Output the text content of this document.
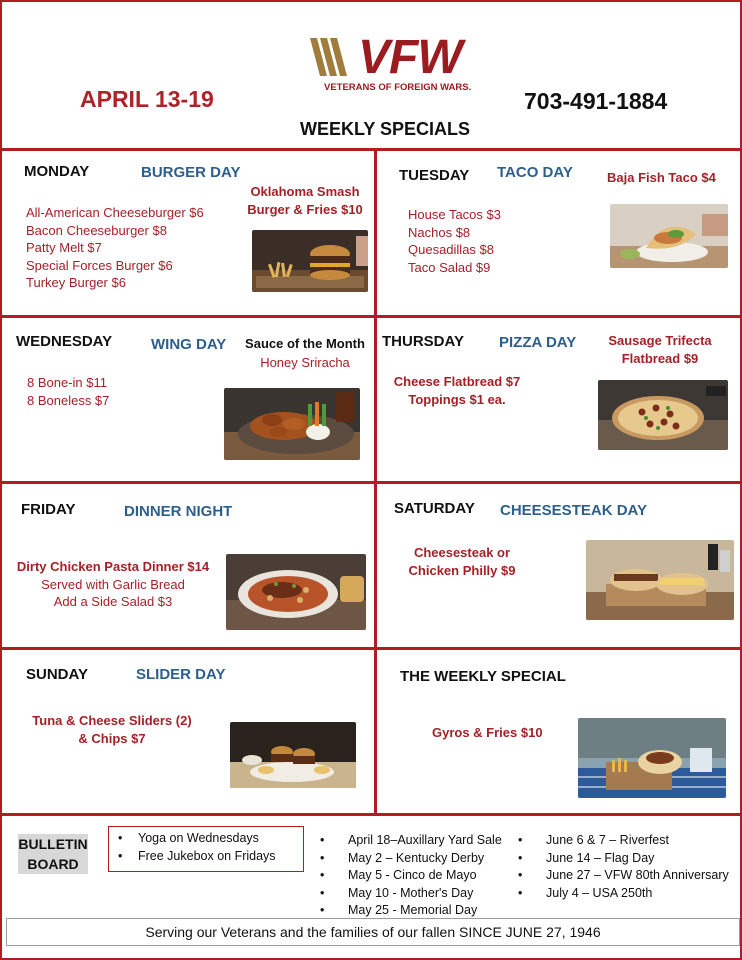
VFW
VETERANS OF FOREIGN WARS.
APRIL 13-19	703-491-1884
WEEKLY SPECIALS
MONDAY	BURGER DAY
Oklahoma Smash
Burger & Fries $10
All-American Cheeseburger $6
Bacon Cheeseburger $8
Patty Melt $7
Special Forces Burger $6
Turkey Burger $6
TUESDAY TACO DAY	Baja Fish Taco $4
House Tacos $3
Nachos $8
Quesadillas $8
Taco Salad $9
WEDNESDAY	WING DAY	Sauce of the Month
Honey Sriracha
8 Bone-in $11
8 Boneless $7
THURSDAY PIZZA DAY	Sausage Trifecta
Flatbread $9
Cheese Flatbread $7
Toppings $1 ea.
FRIDAY	DINNER NIGHT
Dirty Chicken Pasta Dinner $14
Served with Garlic Bread
Add a Side Salad $3
SATURDAY CHEESESTEAK DAY
Cheesesteak or
Chicken Philly $9
SUNDAY	SLIDER DAY
Tuna & Cheese Sliders (2)
& Chips $7
THE WEEKLY SPECIAL
Gyros & Fries $10
BULLETIN
BOARD
•	Yoga on Wednesdays
•	Free Jukebox on Fridays
•	April 18–Auxillary Yard Sale
•	May 2 – Kentucky Derby
•	May 5 - Cinco de Mayo
•	May 10 - Mother's Day
•	May 25 - Memorial Day
•	June 6 & 7 – Riverfest
•	June 14 – Flag Day
•	June 27 – VFW 80th Anniversary
•	July 4 – USA 250th
Serving our Veterans and the families of our fallen SINCE JUNE 27, 1946
